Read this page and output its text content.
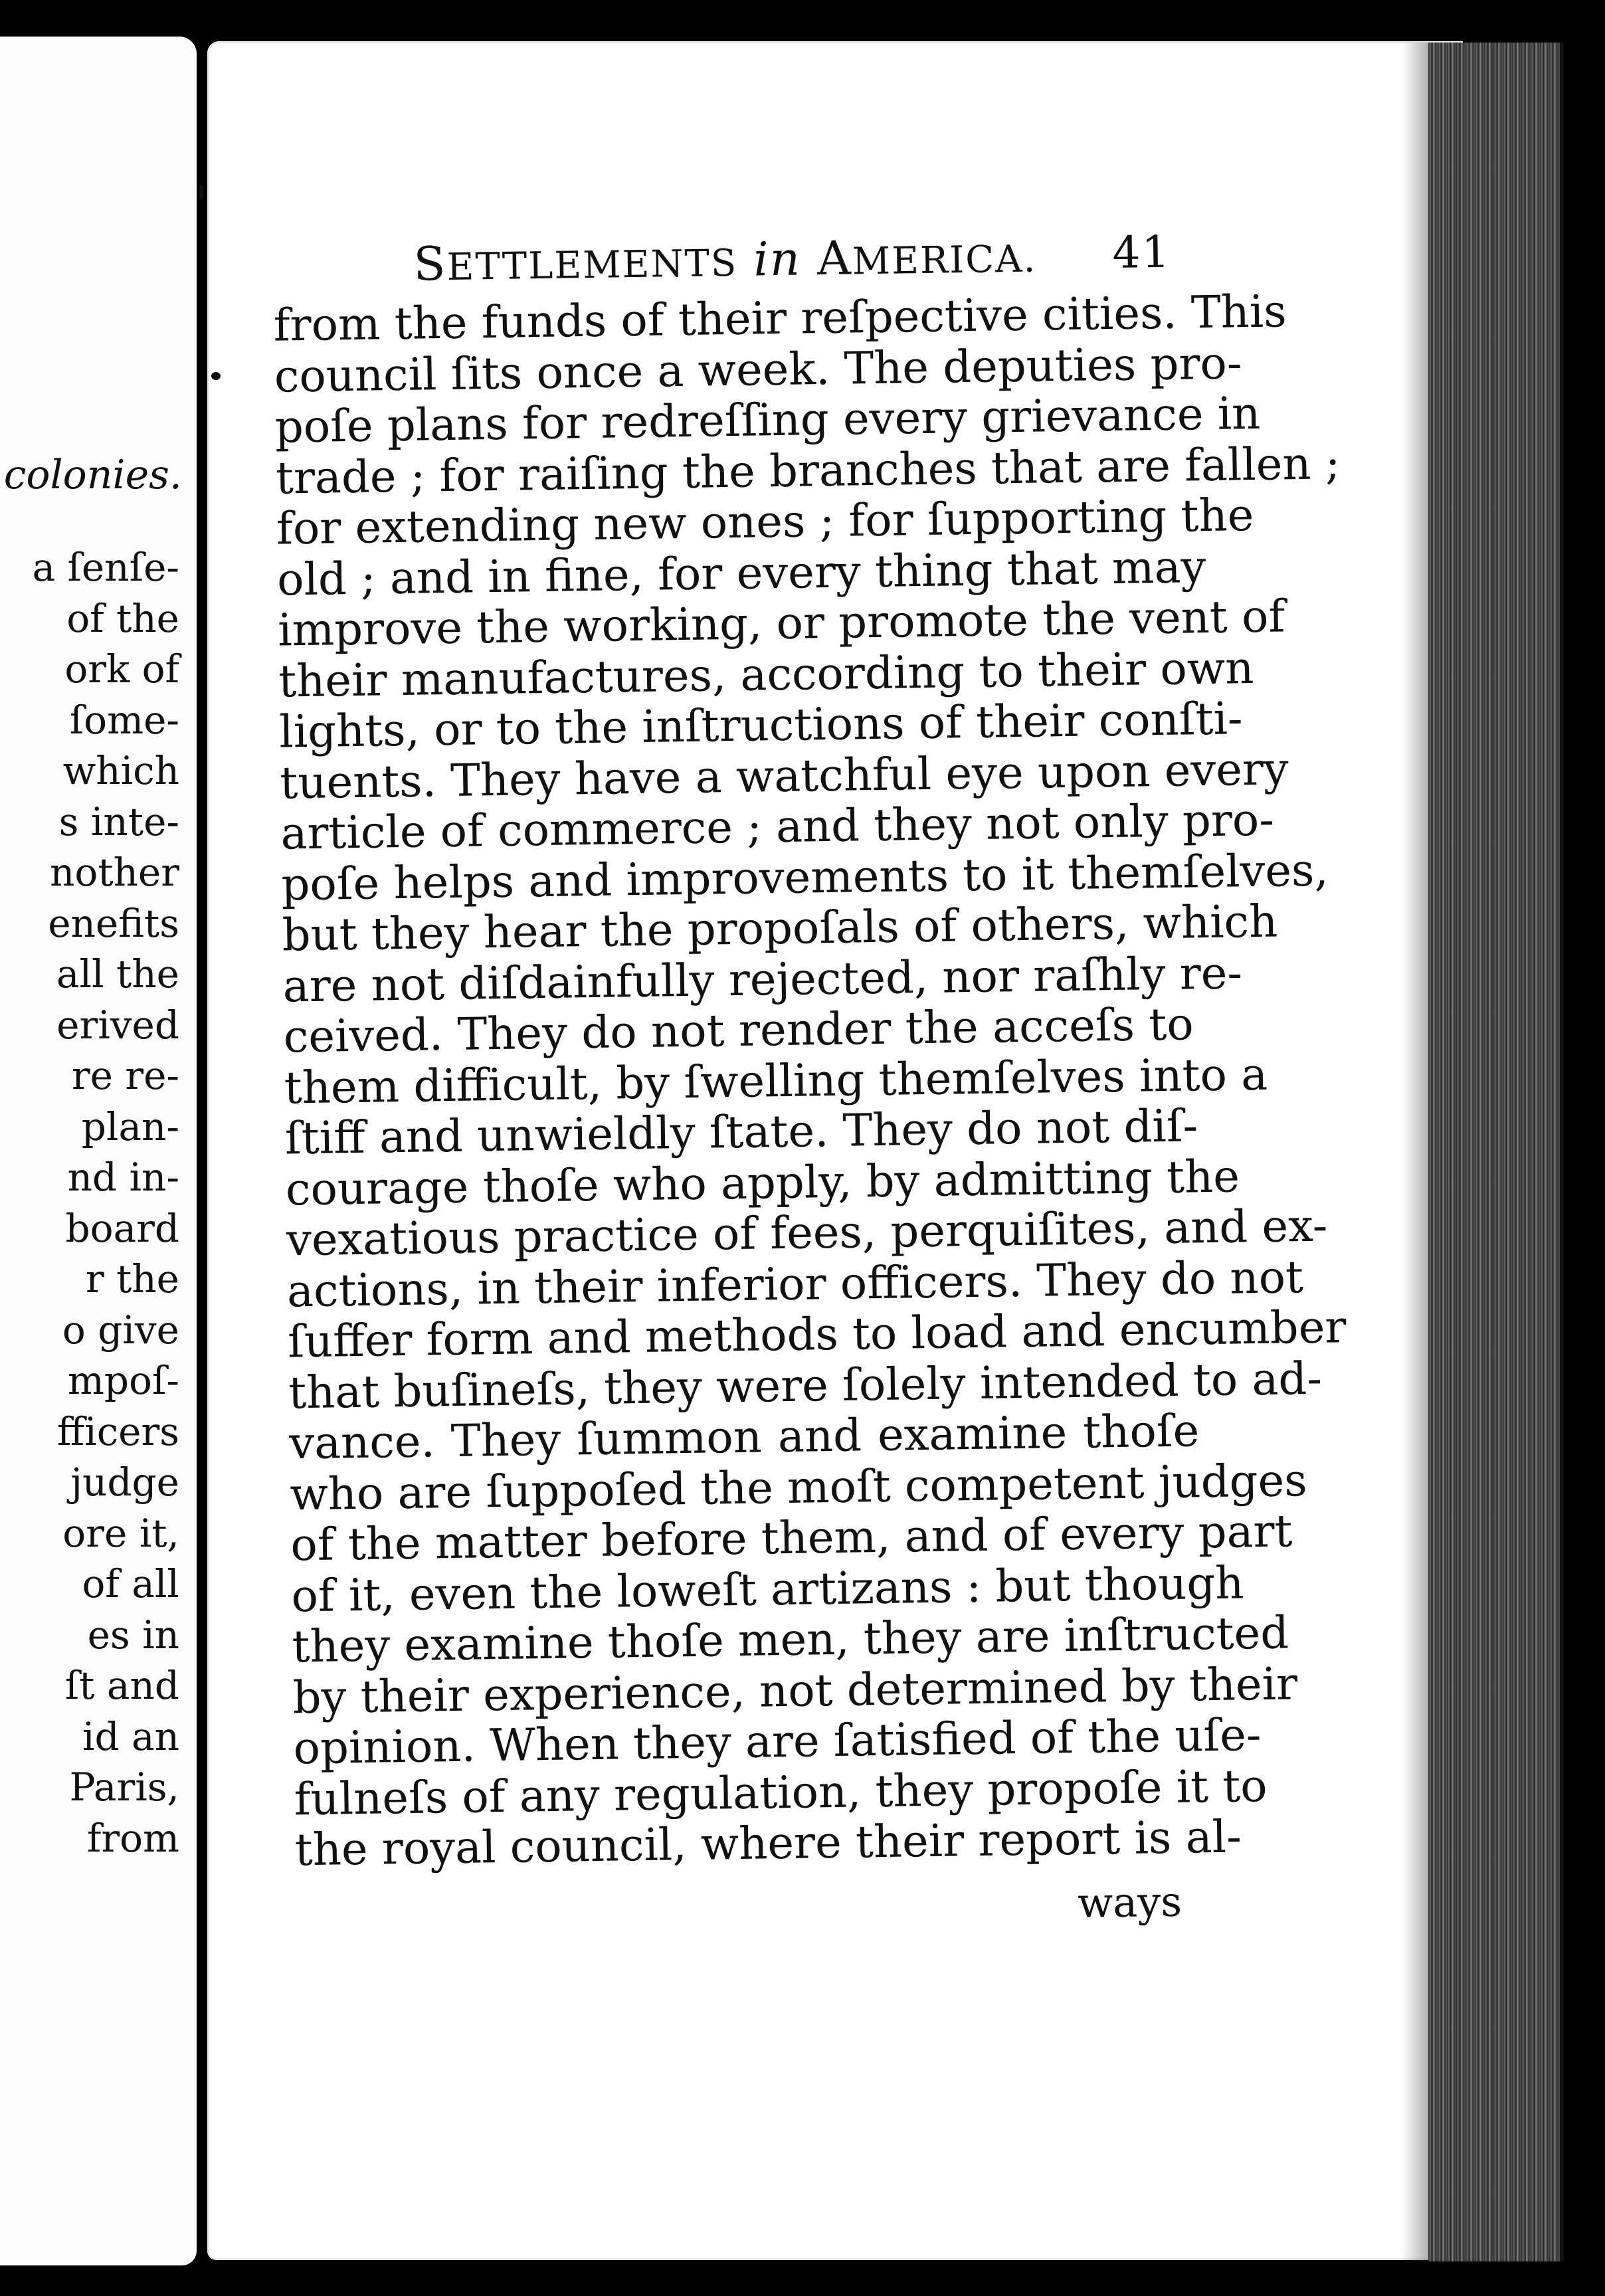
colonies.
a ſenſe-
of the
ork of
ſome-
which
s inte-
nother
enefits
all the
erived
re re-
plan-
nd in-
board
r the
o give
mpoſ-
fficers
judge
ore it,
of all
es in
ſt and
id an
Paris,
from
SETTLEMENTS in AMERICA. 41
from the funds of their reſpective cities. This
council ſits once a week. The deputies pro-
poſe plans for redreſſing every grievance in
trade ; for raiſing the branches that are fallen ;
for extending new ones ; for ſupporting the
old ; and in fine, for every thing that may
improve the working, or promote the vent of
their manufactures, according to their own
lights, or to the inſtructions of their conſti-
tuents. They have a watchful eye upon every
article of commerce ; and they not only pro-
poſe helps and improvements to it themſelves,
but they hear the propoſals of others, which
are not diſdainfully rejected, nor raſhly re-
ceived. They do not render the acceſs to
them difficult, by ſwelling themſelves into a
ſtiff and unwieldly ſtate. They do not diſ-
courage thoſe who apply, by admitting the
vexatious practice of fees, perquiſites, and ex-
actions, in their inferior officers. They do not
ſuffer form and methods to load and encumber
that buſineſs, they were ſolely intended to ad-
vance. They ſummon and examine thoſe
who are ſuppoſed the moſt competent judges
of the matter before them, and of every part
of it, even the loweſt artizans : but though
they examine thoſe men, they are inſtructed
by their experience, not determined by their
opinion. When they are ſatisfied of the uſe-
fulneſs of any regulation, they propoſe it to
the royal council, where their report is al-
ways
